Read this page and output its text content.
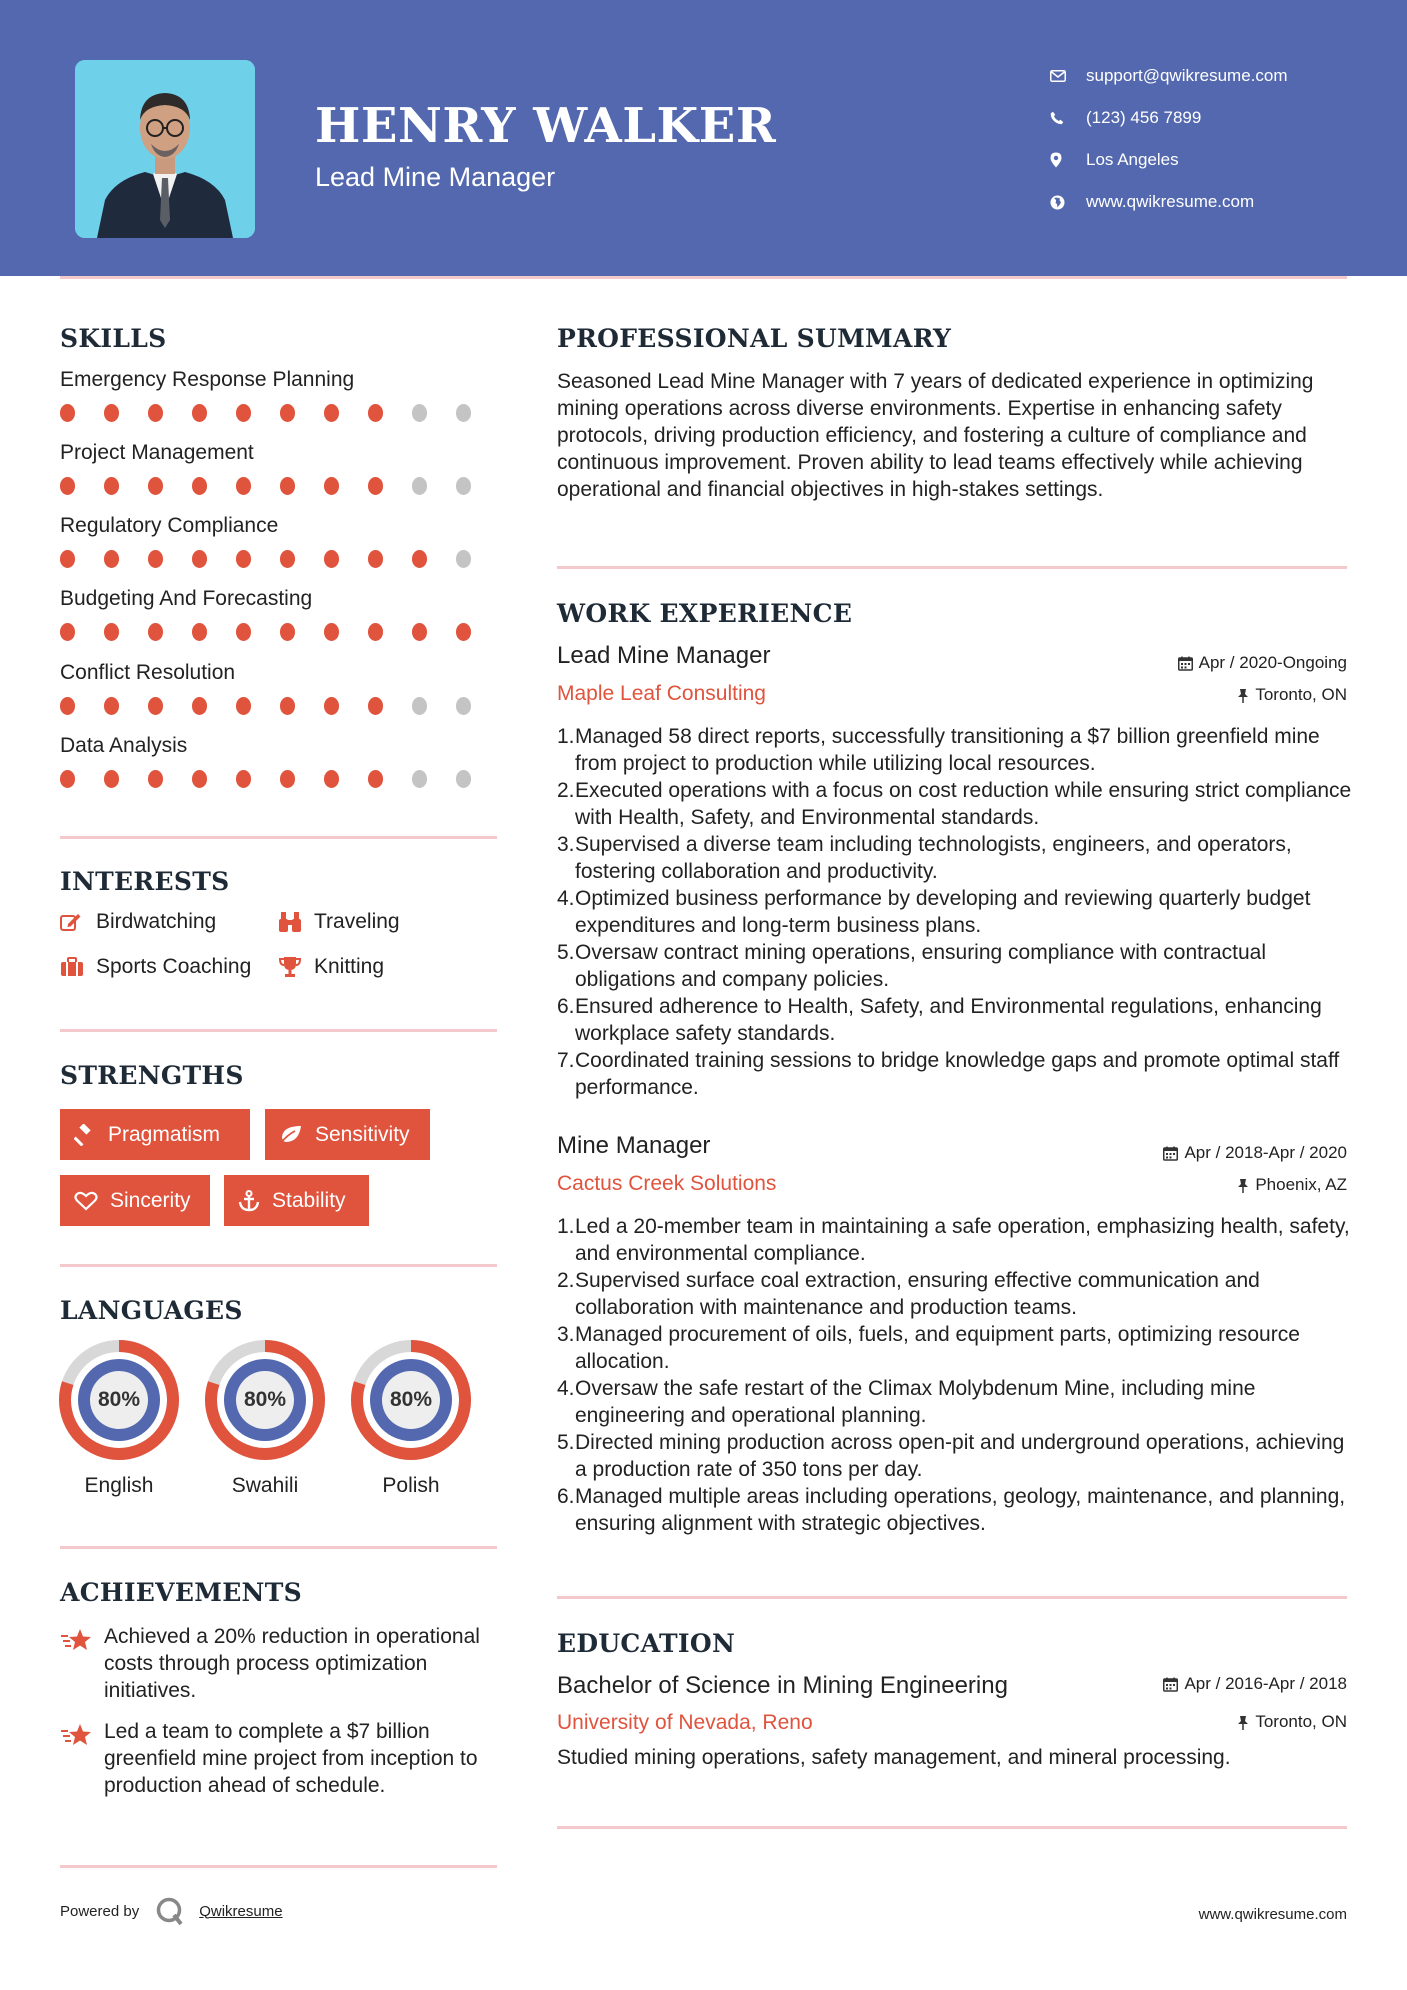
HENRY WALKER
Lead Mine Manager
support@qwikresume.com
(123) 456 7899
Los Angeles
www.qwikresume.com
SKILLS
Emergency Response Planning
Project Management
Regulatory Compliance
Budgeting And Forecasting
Conflict Resolution
Data Analysis
INTERESTS
Birdwatching	Traveling
Sports Coaching	Knitting
STRENGTHS
Pragmatism	Sensitivity
Sincerity	Stability
LANGUAGES
80%
English
80%
Swahili
80%
Polish
ACHIEVEMENTS
Achieved a 20% reduction in operational costs through process optimization initiatives.
Led a team to complete a $7 billion greenfield mine project from inception to production ahead of schedule.
PROFESSIONAL SUMMARY
Seasoned Lead Mine Manager with 7 years of dedicated experience in optimizing mining operations across diverse environments. Expertise in enhancing safety protocols, driving production efficiency, and fostering a culture of compliance and continuous improvement. Proven ability to lead teams effectively while achieving operational and financial objectives in high-stakes settings.
WORK EXPERIENCE
Lead Mine Manager	Apr / 2020-Ongoing
Maple Leaf Consulting	Toronto, ON
1. Managed 58 direct reports, successfully transitioning a $7 billion greenfield mine from project to production while utilizing local resources.
2. Executed operations with a focus on cost reduction while ensuring strict compliance with Health, Safety, and Environmental standards.
3. Supervised a diverse team including technologists, engineers, and operators, fostering collaboration and productivity.
4. Optimized business performance by developing and reviewing quarterly budget expenditures and long-term business plans.
5. Oversaw contract mining operations, ensuring compliance with contractual obligations and company policies.
6. Ensured adherence to Health, Safety, and Environmental regulations, enhancing workplace safety standards.
7. Coordinated training sessions to bridge knowledge gaps and promote optimal staff performance.
Mine Manager	Apr / 2018-Apr / 2020
Cactus Creek Solutions	Phoenix, AZ
1. Led a 20-member team in maintaining a safe operation, emphasizing health, safety, and environmental compliance.
2. Supervised surface coal extraction, ensuring effective communication and collaboration with maintenance and production teams.
3. Managed procurement of oils, fuels, and equipment parts, optimizing resource allocation.
4. Oversaw the safe restart of the Climax Molybdenum Mine, including mine engineering and operational planning.
5. Directed mining production across open-pit and underground operations, achieving a production rate of 350 tons per day.
6. Managed multiple areas including operations, geology, maintenance, and planning, ensuring alignment with strategic objectives.
EDUCATION
Bachelor of Science in Mining Engineering	Apr / 2016-Apr / 2018
University of Nevada, Reno	Toronto, ON
Studied mining operations, safety management, and mineral processing.
Powered by	Qwikresume	www.qwikresume.com
